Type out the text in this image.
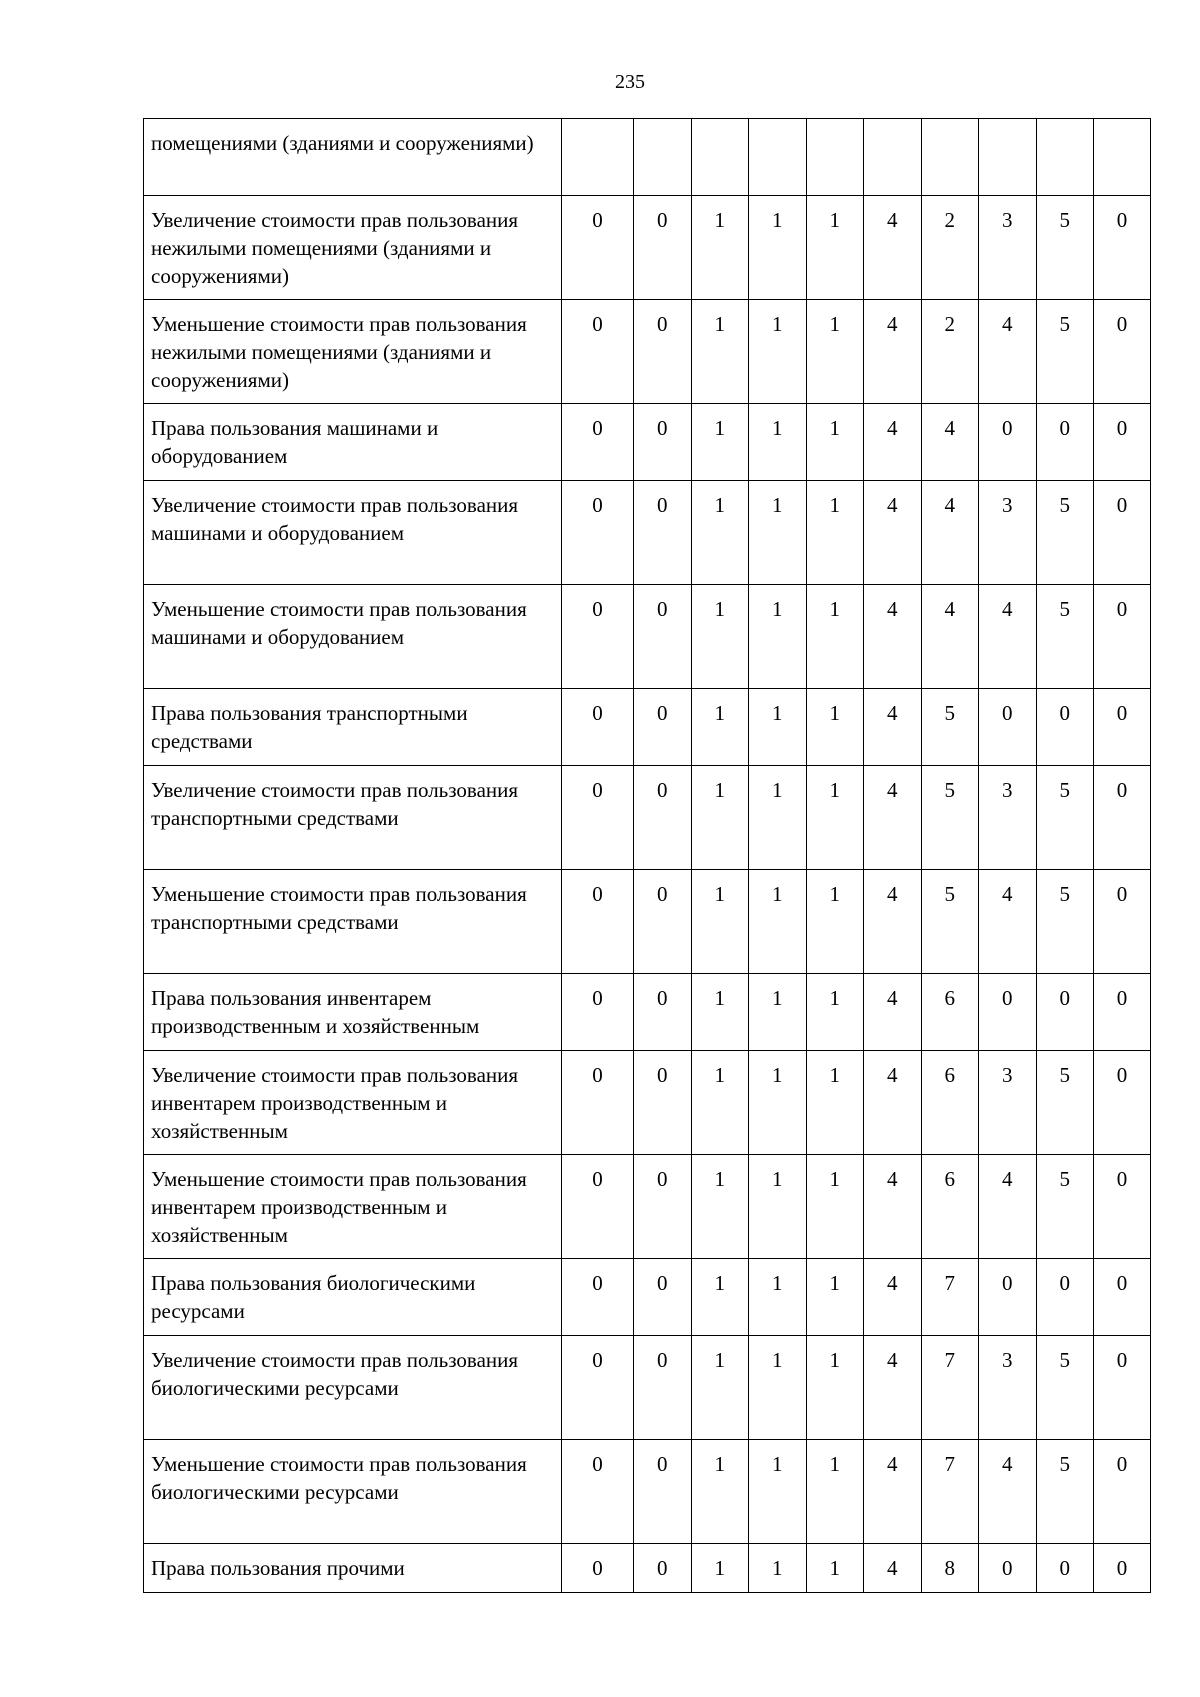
235
помещениями (зданиями и сооружениями)										
Увеличение стоимости прав пользования нежилыми помещениями (зданиями и сооружениями)	0	0	1	1	1	4	2	3	5	0
Уменьшение стоимости прав пользования нежилыми помещениями (зданиями и сооружениями)	0	0	1	1	1	4	2	4	5	0
Права пользования машинами и оборудованием	0	0	1	1	1	4	4	0	0	0
Увеличение стоимости прав пользования машинами и оборудованием	0	0	1	1	1	4	4	3	5	0
Уменьшение стоимости прав пользования машинами и оборудованием	0	0	1	1	1	4	4	4	5	0
Права пользования транспортными средствами	0	0	1	1	1	4	5	0	0	0
Увеличение стоимости прав пользования транспортными средствами	0	0	1	1	1	4	5	3	5	0
Уменьшение стоимости прав пользования транспортными средствами	0	0	1	1	1	4	5	4	5	0
Права пользования инвентарем производственным и хозяйственным	0	0	1	1	1	4	6	0	0	0
Увеличение стоимости прав пользования инвентарем производственным и хозяйственным	0	0	1	1	1	4	6	3	5	0
Уменьшение стоимости прав пользования инвентарем производственным и хозяйственным	0	0	1	1	1	4	6	4	5	0
Права пользования биологическими ресурсами	0	0	1	1	1	4	7	0	0	0
Увеличение стоимости прав пользования биологическими ресурсами	0	0	1	1	1	4	7	3	5	0
Уменьшение стоимости прав пользования биологическими ресурсами	0	0	1	1	1	4	7	4	5	0
Права пользования прочими	0	0	1	1	1	4	8	0	0	0
